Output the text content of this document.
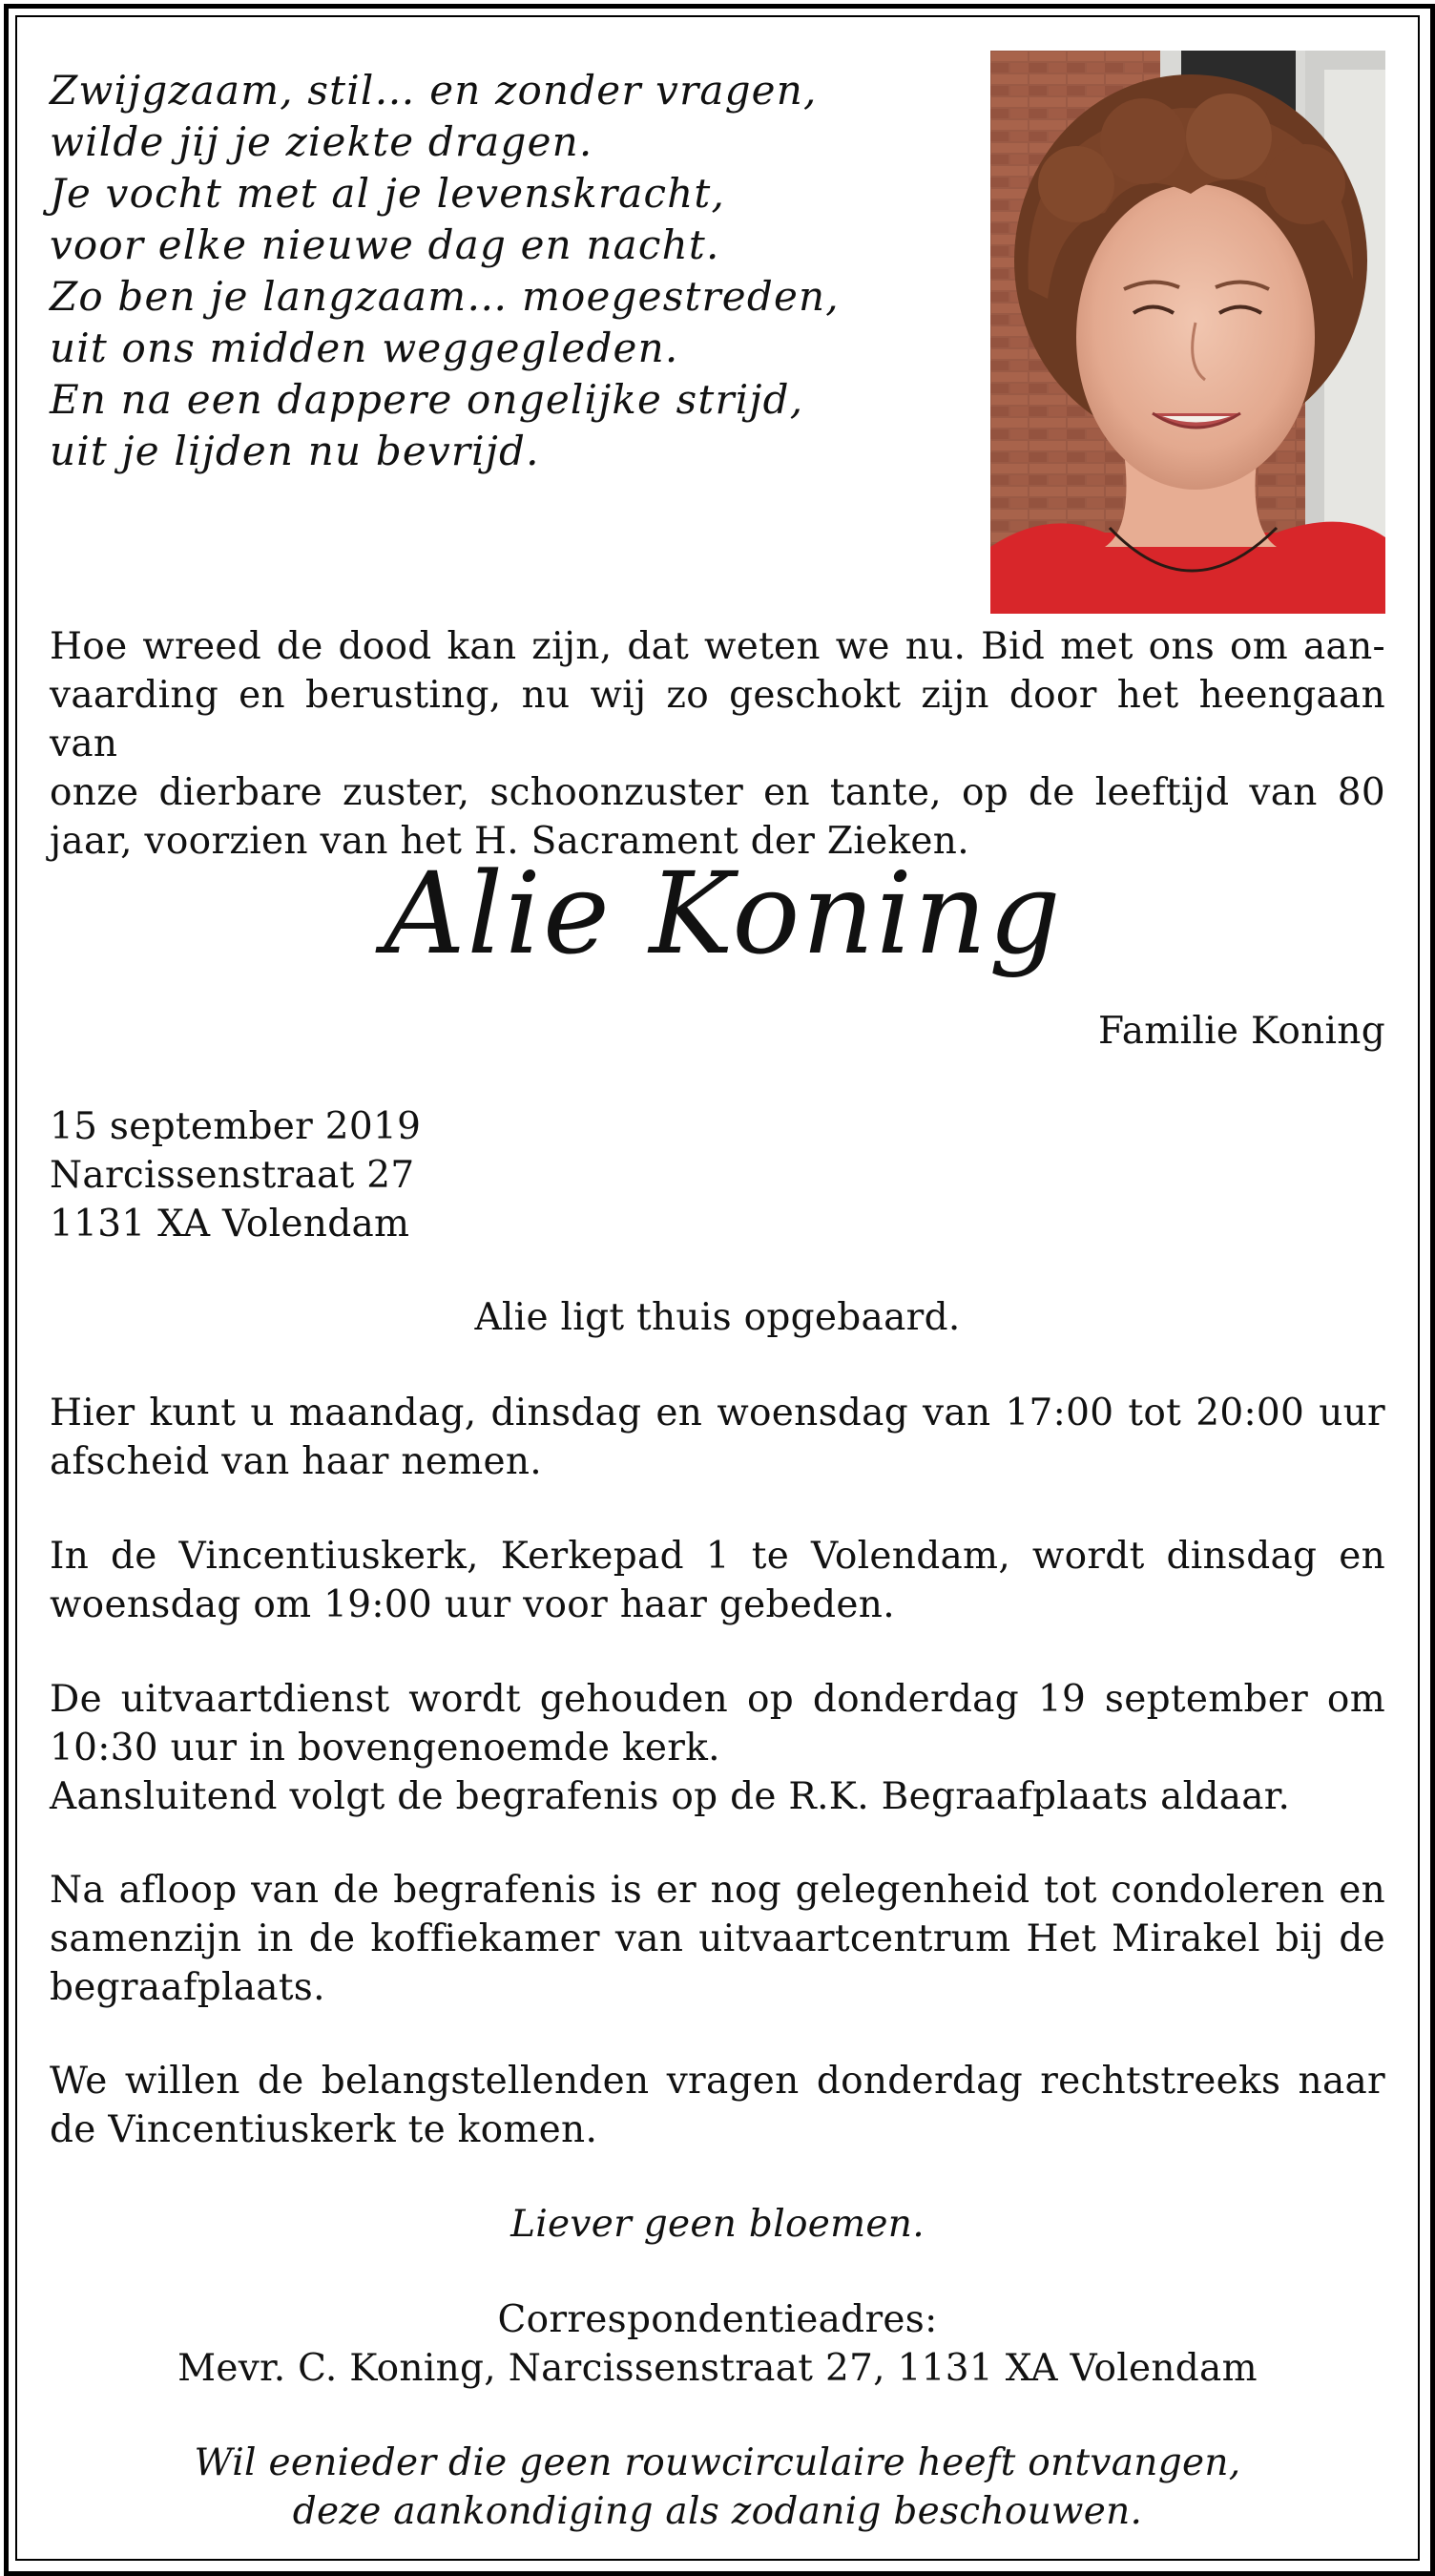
Zwijgzaam, stil… en zonder vragen,
wilde jij je ziekte dragen.
Je vocht met al je levenskracht,
voor elke nieuwe dag en nacht.
Zo ben je langzaam… moegestreden,
uit ons midden weggegleden.
En na een dappere ongelijke strijd,
uit je lijden nu bevrijd.
Hoe wreed de dood kan zijn, dat weten we nu. Bid met ons om aan-
vaarding en berusting, nu wij zo geschokt zijn door het heengaan van
onze dierbare zuster, schoonzuster en tante, op de leeftijd van 80
jaar, voorzien van het H. Sacrament der Zieken.
Alie Koning
Familie Koning
15 september 2019
Narcissenstraat 27
1131 XA Volendam
Alie ligt thuis opgebaard.
Hier kunt u maandag, dinsdag en woensdag van 17:00 tot 20:00 uur
afscheid van haar nemen.
In de Vincentiuskerk, Kerkepad 1 te Volendam, wordt dinsdag en
woensdag om 19:00 uur voor haar gebeden.
De uitvaartdienst wordt gehouden op donderdag 19 september om
10:30 uur in bovengenoemde kerk.
Aansluitend volgt de begrafenis op de R.K. Begraafplaats aldaar.
Na afloop van de begrafenis is er nog gelegenheid tot condoleren en
samenzijn in de koffiekamer van uitvaartcentrum Het Mirakel bij de
begraafplaats.
We willen de belangstellenden vragen donderdag rechtstreeks naar
de Vincentiuskerk te komen.
Liever geen bloemen.
Correspondentieadres:
Mevr. C. Koning, Narcissenstraat 27, 1131 XA Volendam
Wil eenieder die geen rouwcirculaire heeft ontvangen,
deze aankondiging als zodanig beschouwen.
